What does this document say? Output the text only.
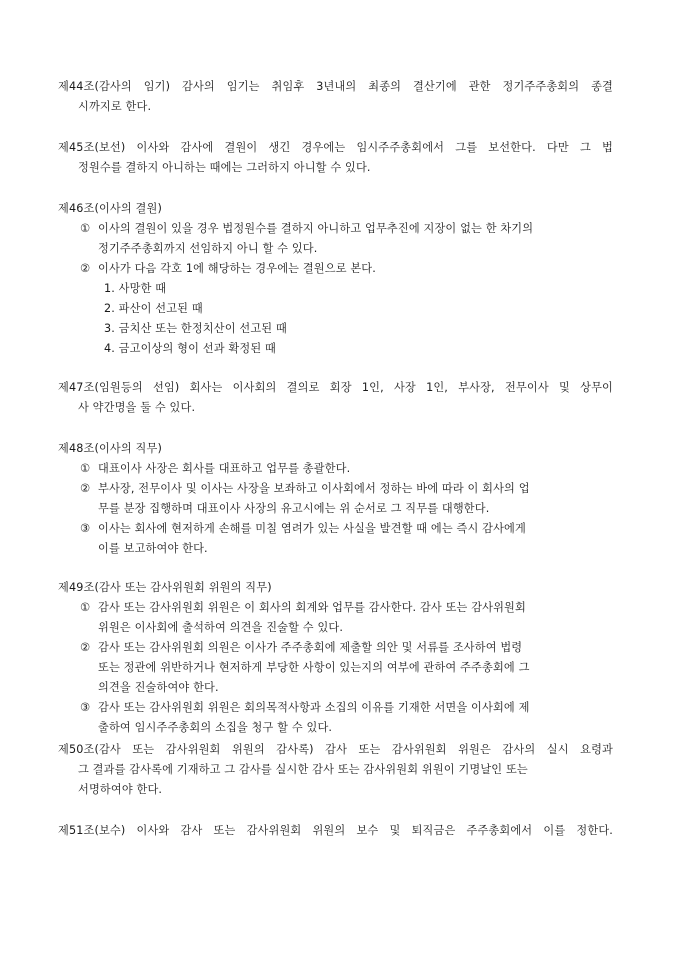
제44조(감사의 임기) 감사의 임기는 취임후 3년내의 최종의 결산기에 관한 정기주주총회의 종결
시까지로 한다.
제45조(보선) 이사와 감사에 결원이 생긴 경우에는 임시주주총회에서 그를 보선한다. 다만 그 법
정원수를 결하지 아니하는 때에는 그러하지 아니할 수 있다.
제46조(이사의 결원)
① 이사의 결원이 있을 경우 법정원수를 결하지 아니하고 업무추진에 지장이 없는 한 차기의
정기주주총회까지 선임하지 아니 할 수 있다.
② 이사가 다음 각호 1에 해당하는 경우에는 결원으로 본다.
1. 사망한 때
2. 파산이 선고된 때
3. 금치산 또는 한정치산이 선고된 때
4. 금고이상의 형이 선과 확정된 때
제47조(임원등의 선임) 회사는 이사회의 결의로 회장 1인, 사장 1인, 부사장, 전무이사 및 상무이
사 약간명을 둘 수 있다.
제48조(이사의 직무)
① 대표이사 사장은 회사를 대표하고 업무를 총괄한다.
② 부사장, 전무이사 및 이사는 사장을 보좌하고 이사회에서 정하는 바에 따라 이 회사의 업
무를 분장 집행하며 대표이사 사장의 유고시에는 위 순서로 그 직무를 대행한다.
③ 이사는 회사에 현저하게 손해를 미칠 염려가 있는 사실을 발견할 때 에는 즉시 감사에게
이를 보고하여야 한다.
제49조(감사 또는 감사위원회 위원의 직무)
① 감사 또는 감사위원회 위원은 이 회사의 회계와 업무를 감사한다. 감사 또는 감사위원회
위원은 이사회에 출석하여 의견을 진술할 수 있다.
② 감사 또는 감사위원회 의원은 이사가 주주총회에 제출할 의안 및 서류를 조사하여 법령
또는 정관에 위반하거나 현저하게 부당한 사항이 있는지의 여부에 관하여 주주총회에 그
의견을 진술하여야 한다.
③ 감사 또는 감사위원회 위원은 회의목적사항과 소집의 이유를 기재한 서면을 이사회에 제
출하여 임시주주총회의 소집을 청구 할 수 있다.
제50조(감사 또는 감사위원회 위원의 감사록) 감사 또는 감사위원회 위원은 감사의 실시 요령과
그 결과를 감사록에 기재하고 그 감사를 실시한 감사 또는 감사위원회 위원이 기명날인 또는
서명하여야 한다.
제51조(보수) 이사와 감사 또는 감사위원회 위원의 보수 및 퇴직금은 주주총회에서 이를 정한다.
